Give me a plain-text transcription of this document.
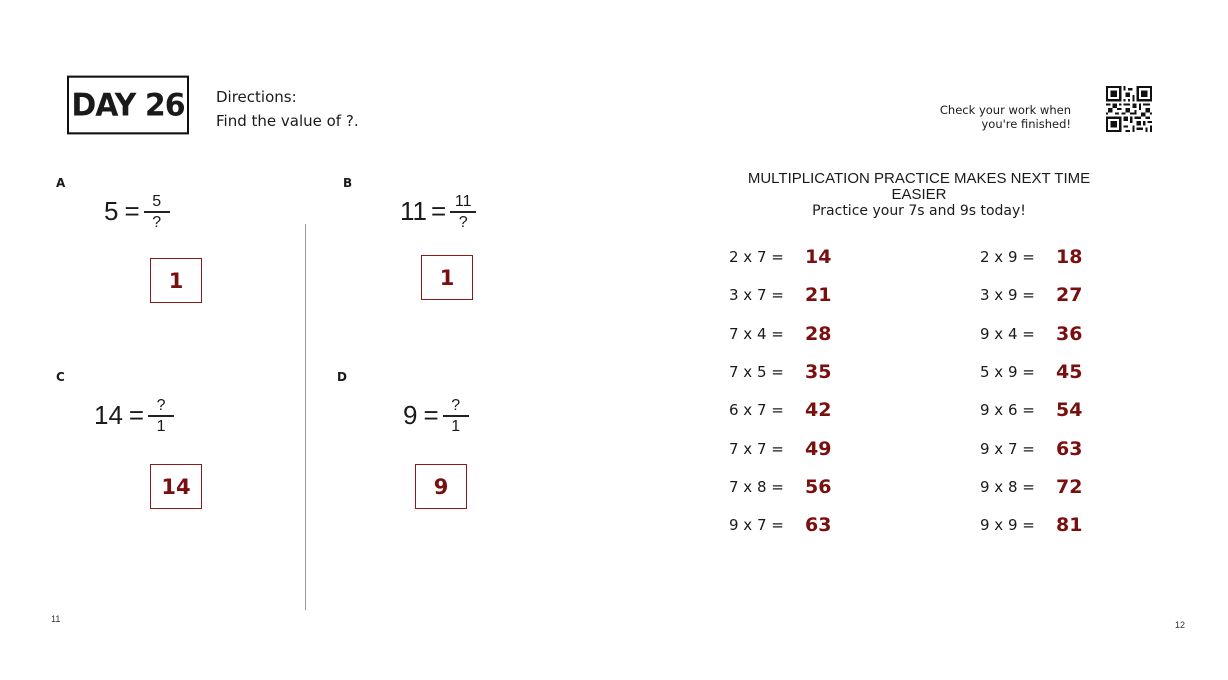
DAY 26 Directions:
Find the value of ?.
Check your work when
you're finished!
A
$5 = \frac{5}{?}$
1
B
$11 = \frac{11}{?}$
1
C
$14 = \frac{?}{1}$
14
D
$9 = \frac{?}{1}$
9
MULTIPLICATION PRACTICE MAKES NEXT TIME
EASIER
Practice your 7s and 9s today!
2 x 7 = 14
3 x 7 = 21
7 x 4 = 28
7 x 5 = 35
6 x 7 = 42
7 x 7 = 49
7 x 8 = 56
9 x 7 = 63
2 x 9 = 18
3 x 9 = 27
9 x 4 = 36
5 x 9 = 45
9 x 6 = 54
9 x 7 = 63
9 x 8 = 72
9 x 9 = 81
11
12
